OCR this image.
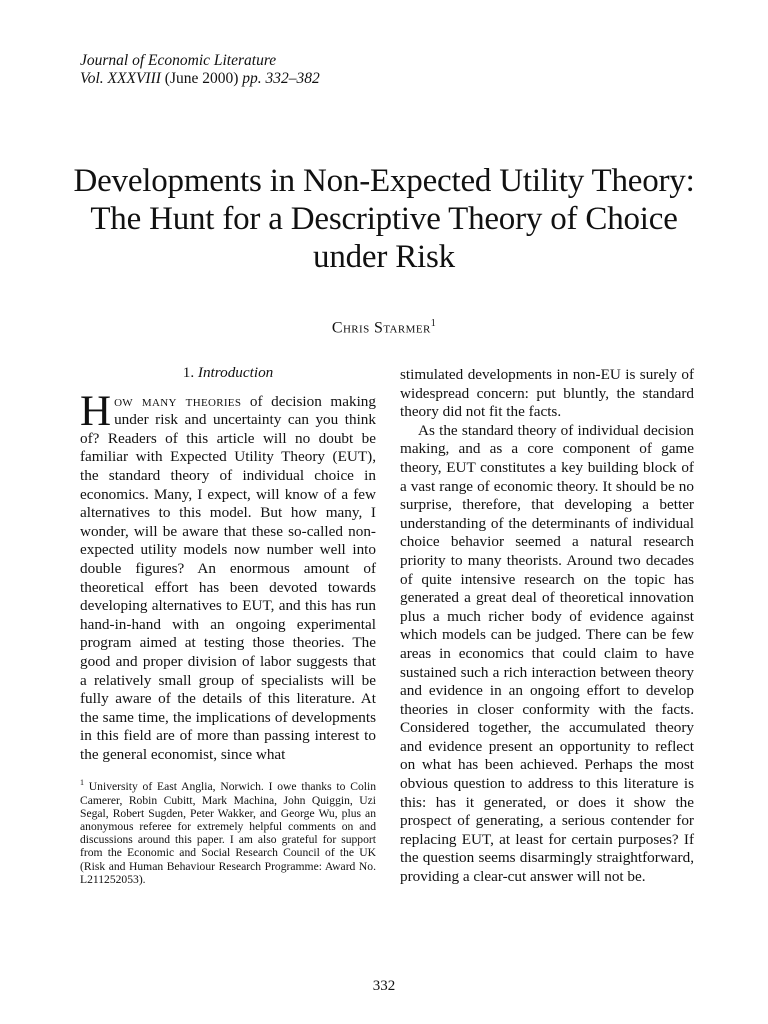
Journal of Economic Literature
Vol. XXXVIII (June 2000) pp. 332–382
Developments in Non-Expected Utility Theory: The Hunt for a Descriptive Theory of Choice under Risk
Chris Starmer$^1$
1. Introduction

How many theories of decision making under risk and uncertainty can you think of? Readers of this article will no doubt be familiar with Expected Utility Theory (EUT), the standard theory of individual choice in economics. Many, I expect, will know of a few alternatives to this model. But how many, I wonder, will be aware that these so-called non-expected utility models now number well into double figures? An enormous amount of theoretical effort has been devoted towards developing alternatives to EUT, and this has run hand-in-hand with an ongoing experimental program aimed at testing those theories. The good and proper division of labor suggests that a relatively small group of specialists will be fully aware of the details of this literature. At the same time, the implications of developments in this field are of more than passing interest to the general economist, since what

$^1$ University of East Anglia, Norwich. I owe thanks to Colin Camerer, Robin Cubitt, Mark Machina, John Quiggin, Uzi Segal, Robert Sugden, Peter Wakker, and George Wu, plus an anonymous referee for extremely helpful comments on and discussions around this paper. I am also grateful for support from the Economic and Social Research Council of the UK (Risk and Human Behaviour Research Programme: Award No. L211252053).

stimulated developments in non-EU is surely of widespread concern: put bluntly, the standard theory did not fit the facts.

As the standard theory of individual decision making, and as a core component of game theory, EUT constitutes a key building block of a vast range of economic theory. It should be no surprise, therefore, that developing a better understanding of the determinants of individual choice behavior seemed a natural research priority to many theorists. Around two decades of quite intensive research on the topic has generated a great deal of theoretical innovation plus a much richer body of evidence against which models can be judged. There can be few areas in economics that could claim to have sustained such a rich interaction between theory and evidence in an ongoing effort to develop theories in closer conformity with the facts. Considered together, the accumulated theory and evidence present an opportunity to reflect on what has been achieved. Perhaps the most obvious question to address to this literature is this: has it generated, or does it show the prospect of generating, a serious contender for replacing EUT, at least for certain purposes? If the question seems disarmingly straightforward, providing a clear-cut answer will not be.

332
